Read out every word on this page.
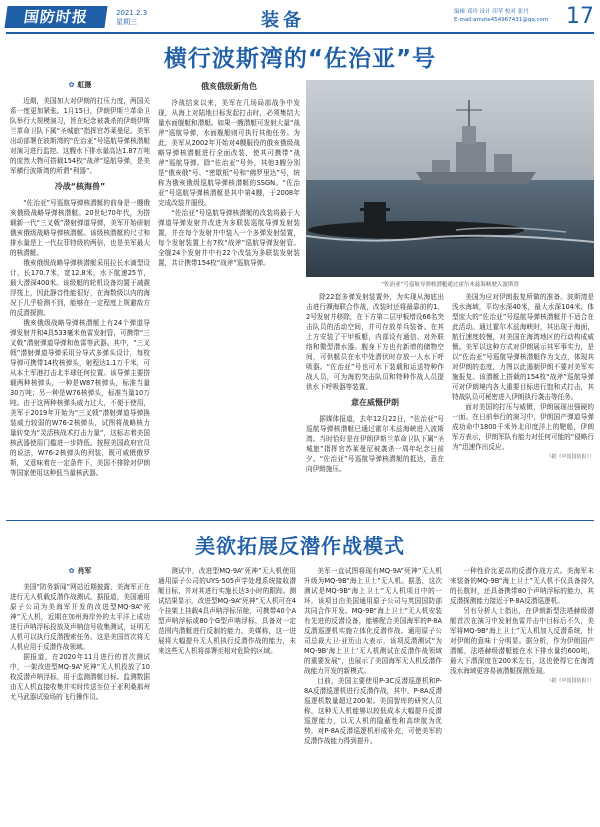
国防时报	2021.2.3
星期三	装备	编辑 邓玲 设计 印苹 校对 张丹
E-mail:amote454967431@qq.com 17
横行波斯湾的“佐治亚”号
✿ 虹摄

近期，美国加大对伊朗的打压力度，两国关系一度更加紧张。1月15日，伊朗伊斯兰革命卫队举行大规模演习，旨在纪念被袭杀的伊朗伊斯兰革命卫队下属“圣城旅”指挥官苏莱曼尼。美军出动部署在波斯湾的“佐治亚”号巡航导弹核潜艇对演习进行监控。这艘水下排水量高达1.87万吨的庞然大物可搭载154枚“战斧”巡航导弹，是美军横行波斯湾的所谓“利器”。

冷战“核海兽”

“佐治亚”号巡航导弹核潜艇的前身是一艘俄亥俄级战略导弹核潜艇。20世纪70年代，为搭载新一代“三叉戟”潜射弹道导弹，美军开始研制俄亥俄级战略导弹核潜艇。该级核潜艇的尺寸和排水量是上一代拉菲特级的两倍，也是美军最大的核潜艇。

俄亥俄级战略导弹核潜艇采用拉长水滴型设计，长170.7米，宽12.8米，水下航速25节，最大潜深400米。该级艇的轮机设备均置于减震浮筏上，因此静音性能很好，在海数级以内的海况下几乎检测不到，能够在一定程度上规避敌方的反潜探测。

俄亥俄级战略导弹核潜艇上有24个弹道导弹发射井和4具533毫米鱼雷发射管，可携带“三叉戟”潜射弹道导弹和鱼雷等武器。其中，“三叉戟”潜射弹道导弹采用分导式多弹头设计，每枚导弹可携带14枚核弹头，射程达1.1万千米，可从本土军港打击北半球任何位置。该导弹主要搭载两种核弹头，一种是W87核弹头，标准当量30万吨；另一种是W76核弹头，标准当量10万吨。由于这两种核弹头威力过大，不便于使用，美军于2019年开始为“三叉戟”潜射弹道导弹换装威力较弱的W76-2核弹头，试图将战略核力量转变为“灵活核战术打击力量”，这标志着美国核武器使用门槛进一步降低。按照美国政府官员的说法，W76-2核弹头的列装，既可威慑俄罗斯，又意味着在一定条件下，美国不排除对伊朗等国家使用这种低当量核武器。

俄亥俄级新角色

冷战结束以来，美军在几场局部战争中发现，从海上对陆地目标发起打击时，必须集结大量水面舰艇和潜艇。如果一艘潜艇可发射大量“战斧”巡航导弹，水面舰艇则可执行其他任务。为此，美军从2002年开始对4艘服役的俄亥俄级战略导弹核潜艇进行全面改装，使其可携带“战斧”巡航导弹。除“佐治亚”号外，其他3艘分别是“俄亥俄”号、“密歇根”号和“佛罗里达”号，统称为俄亥俄级巡航导弹核潜艇的SSGN。“佐治亚”号巡航导弹核潜艇是其中第4艘，于2008年完成改装并服役。

“佐治亚”号巡航导弹核潜艇的改装将最于大弹道导弹发射井改进为多联装巡航导弹发射装置，并在每个发射井中装入一个多弹发射装置，每个发射装置上有7枚“战斧”巡航导弹发射管。全舰24个发射井中有22个改装为多联装发射装置，共计携带154枚“战斧”巡航导弹。

“佐治亚”号巡航导弹核潜艇通过霍尔木兹海峡驶入波斯湾

除22套多弹发射装置外，为实现从海底出击进行濒海联合作战，改装时还将最靠前的1、2号发射井移除，在下方第二层甲板增设66名突击队员的活动空间，并可存放单兵装备。在其上方安装了干甲板艇，内部设有通信、对外联络和微型潜水器。舰身下方也有新增的储物空间，可供艇员在水中处潜伏时存放一人水下呼吸器。“佐治亚”号也可水下装载和运送特种作战人员，可为海豹突击队员和特种作战人员提供水下呼吸器等装置。

意在威慑伊朗

据媒体报道，去年12月22日，“佐治亚”号巡航导弹核潜艇已通过霍尔木兹海峡进入波斯湾。当时恰好是在伊朗伊斯兰革命卫队下属“圣城旅”指挥官苏莱曼尼被袭杀一周年纪念日前夕。“佐治亚”号巡航导弹核潜艇的抵达，意在向伊朗施压。

美国为应对伊朗报复所做的准备。波斯湾是浅水海域，平均水深40米，最大水深104米。体型庞大的“佐治亚”号巡航导弹核潜艇并不适合在此活动。通过霍尔木兹海峡时，其出现于海面，航行速度较慢，对美国在海湾地区的行动构成威慑。美军以这种方式对伊朗展示其军事实力，是以“佐治亚”号巡航导弹核潜艇作为支点，体现其对伊朗的态度，力图以此遏制伊朗不要对美军实施报复。该潜艇上搭载的154枚“战斧”巡航导弹可对伊朗境内各大重要目标进行饱和式打击，其特战队员可秘密进入伊朗执行袭击等任务。

面对美国的打压与威慑，伊朗展现出强硬的一面。在日前举行的演习中，伊朗国产弹道导弹成功命中1800千米外北印度洋上的靶船，伊朗军方表示，伊朗军队有能力对任何可能的“侵略行为”迅速作出反应。

（据《中国国防报》）
美欲拓展反潜作战模式
✿ 肖军

美国“防务新闻”网站近期披露，美海军正在进行无人机载反潜作战测试。据报道，美国通用原子公司为美海军开发的改进型MQ-9A“死神”无人机，近期在加州海岸外的太平洋上成功进行声呐浮标投放及声呐信号收集测试，证明无人机可以执行反潜搜索任务。这是美国首次将无人机应用于反潜作战领域。

据报道，在2020年11月进行的首次测试中，一架改进型MQ-9A“死神”无人机投放了10枚反潜声呐浮标，用于监测潜艇目标。监测数据由无人机直接收集并实时传送至位于亚利桑那州尤马武器试验场的飞行操作员。

测试中，改进型MQ-9A“死神”无人机使用通用原子公司的UYS-505声学处理系统接收潜艇目标，并对其进行实施长达3小时的跟踪。测试结果显示，改进型MQ-9A“死神”无人机可在4个挂架上挂载4具声呐浮标吊舱，可携带40个A型声呐浮标或80个G型声呐浮标，具备对一定范围内潜艇进行反制的能力。美媒称，这一进展将大幅提升无人机执行反潜作战的能力，未来这些无人机将部署至相对危险的区域。

美军一直试图将现有MQ-9A“死神”无人机升级为MQ-9B“海上卫士”无人机。据悉，这次测试是MQ-9B“海上卫士”无人机项目中的一环，该项目由美国通用原子公司与英国国防部共同合作开发。MQ-9B“海上卫士”无人机安装有先进的反潜设备，能够配合美国海军的P-8A反潜巡逻机实施立体化反潜作战。通用原子公司总裁大卫·亚历山大表示，该项反潜测试“为MQ-9B‘海上卫士’无人机测试在反潜作战领域的重要发展”，也展示了美国海军无人机反潜作战能力开发的新模式。

目前，美国主要使用P-3C反潜巡逻机和P-8A反潜巡逻机进行反潜作战，其中，P-8A反潜巡逻机数量超过200架。美国智库的研究人员称，这种无人机能够以较低成本大幅提升反潜巡逻能力，以无人机的隐蔽性和高续航为优势，对P-8A反潜巡逻机形成补充，可使美军的反潜作战能力得到提升。

一种性价比更高的反潜作战方式。美海军未来装备的MQ-9B“海上卫士”无人机不仅具备持久的长航时，还具备携带80个声呐浮标的能力，其反潜探测能力接近于P-8A反潜巡逻机。

另有分析人士指出，在伊朗新型法塔赫级潜艇首次在演习中发射鱼雷并击中目标后不久，美军将MQ-9B“海上卫士”无人机加入反潜系统，针对伊朗的意味十分明显。据分析，作为伊朗国产潜艇，法塔赫级潜艇能在水下排水量约600吨，最大下潜深度在200米左右，这也使得它在海湾浅水海域更容易被潜艇探测发现。

（据《中国国防报》）
